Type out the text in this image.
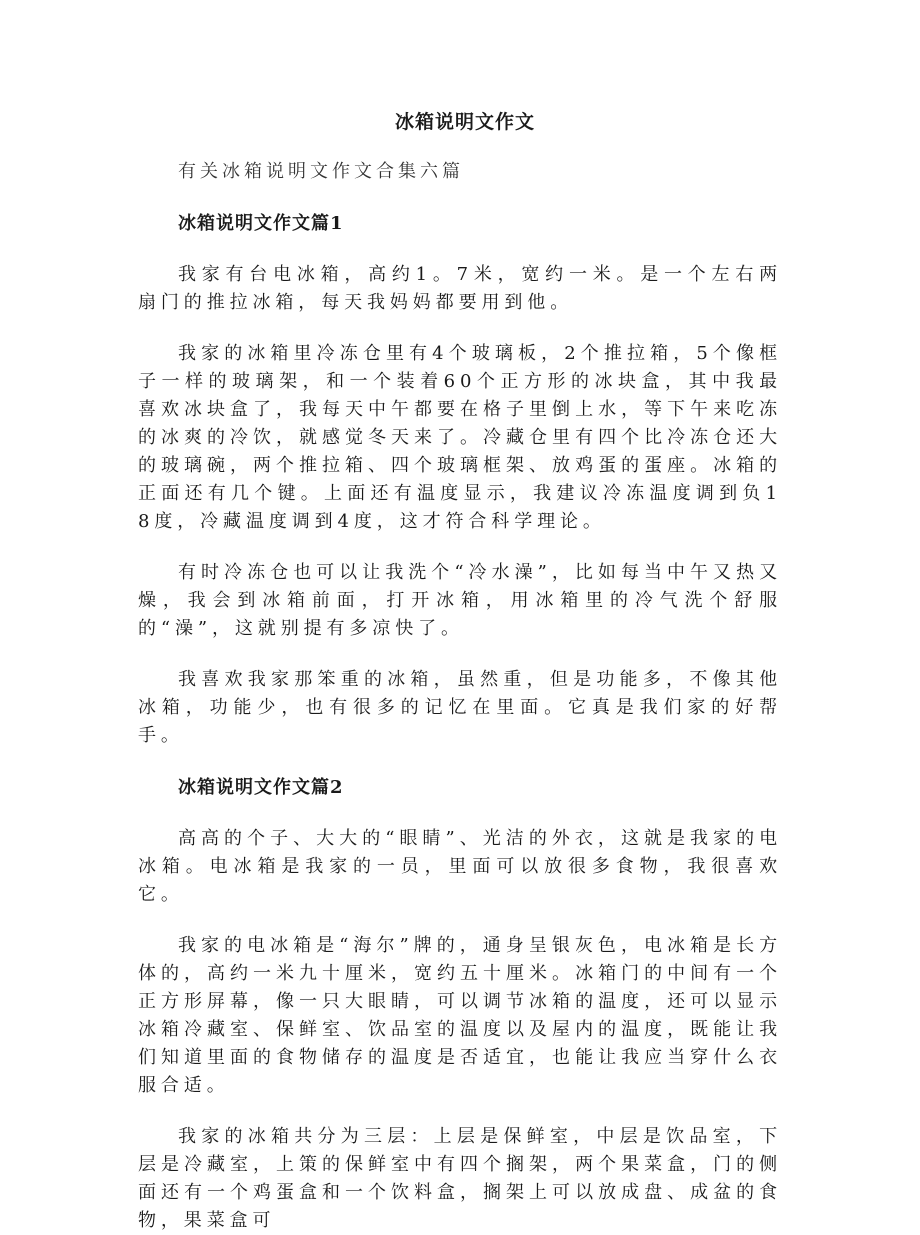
冰箱说明文作文

有关冰箱说明文作文合集六篇

冰箱说明文作文篇1

我家有台电冰箱，高约1。7米，宽约一米。是一个左右两扇门的推拉冰箱，每天我妈妈都要用到他。

我家的冰箱里冷冻仓里有4个玻璃板，2个推拉箱，5个像框子一样的玻璃架，和一个装着60个正方形的冰块盒，其中我最喜欢冰块盒了，我每天中午都要在格子里倒上水，等下午来吃冻的冰爽的冷饮，就感觉冬天来了。冷藏仓里有四个比冷冻仓还大的玻璃碗，两个推拉箱、四个玻璃框架、放鸡蛋的蛋座。冰箱的正面还有几个键。上面还有温度显示，我建议冷冻温度调到负18度，冷藏温度调到4度，这才符合科学理论。

有时冷冻仓也可以让我洗个“冷水澡”，比如每当中午又热又燥，我会到冰箱前面，打开冰箱，用冰箱里的冷气洗个舒服的“澡”，这就别提有多凉快了。

我喜欢我家那笨重的冰箱，虽然重，但是功能多，不像其他冰箱，功能少，也有很多的记忆在里面。它真是我们家的好帮手。

冰箱说明文作文篇2

高高的个子、大大的“眼睛”、光洁的外衣，这就是我家的电冰箱。电冰箱是我家的一员，里面可以放很多食物，我很喜欢它。

我家的电冰箱是“海尔”牌的，通身呈银灰色，电冰箱是长方体的，高约一米九十厘米，宽约五十厘米。冰箱门的中间有一个正方形屏幕，像一只大眼睛，可以调节冰箱的温度，还可以显示冰箱冷藏室、保鲜室、饮品室的温度以及屋内的温度，既能让我们知道里面的食物储存的温度是否适宜，也能让我应当穿什么衣服合适。

我家的冰箱共分为三层：上层是保鲜室，中层是饮品室，下层是冷藏室，上策的保鲜室中有四个搁架，两个果菜盒，门的侧面还有一个鸡蛋盒和一个饮料盒，搁架上可以放成盘、成盆的食物，果菜盒可
